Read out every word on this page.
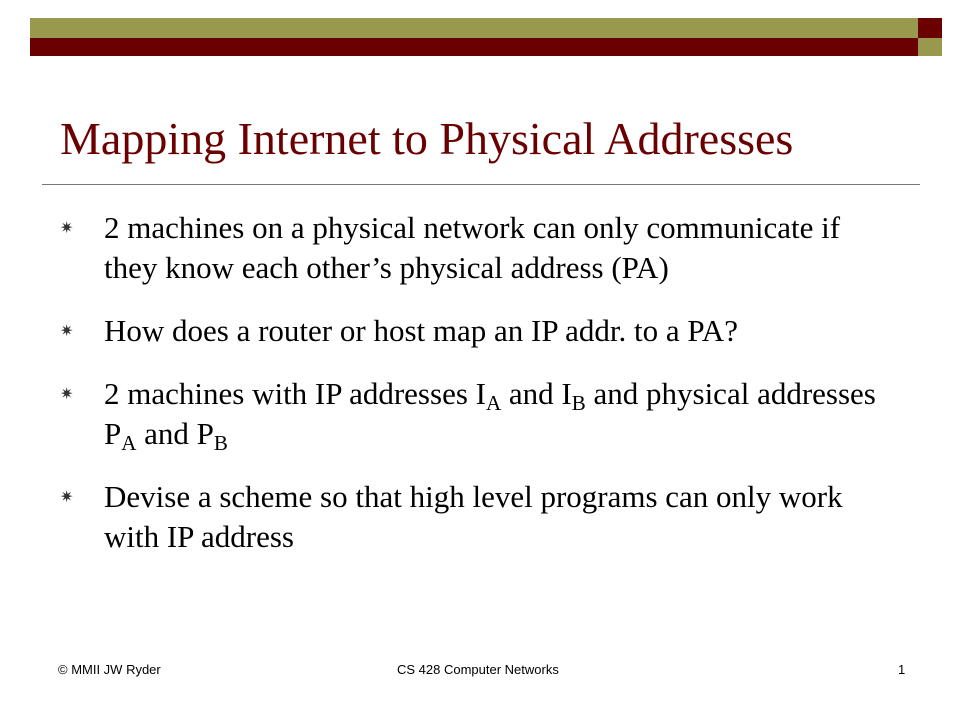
Mapping Internet to Physical Addresses
✷ 2 machines on a physical network can only communicate if they know each other’s physical address (PA)
✷ How does a router or host map an IP addr. to a PA?
✷ 2 machines with IP addresses $I_A$ and $I_B$ and physical addresses $P_A$ and $P_B$
✷ Devise a scheme so that high level programs can only work with IP address
© MMII JW Ryder	CS 428 Computer Networks	1
